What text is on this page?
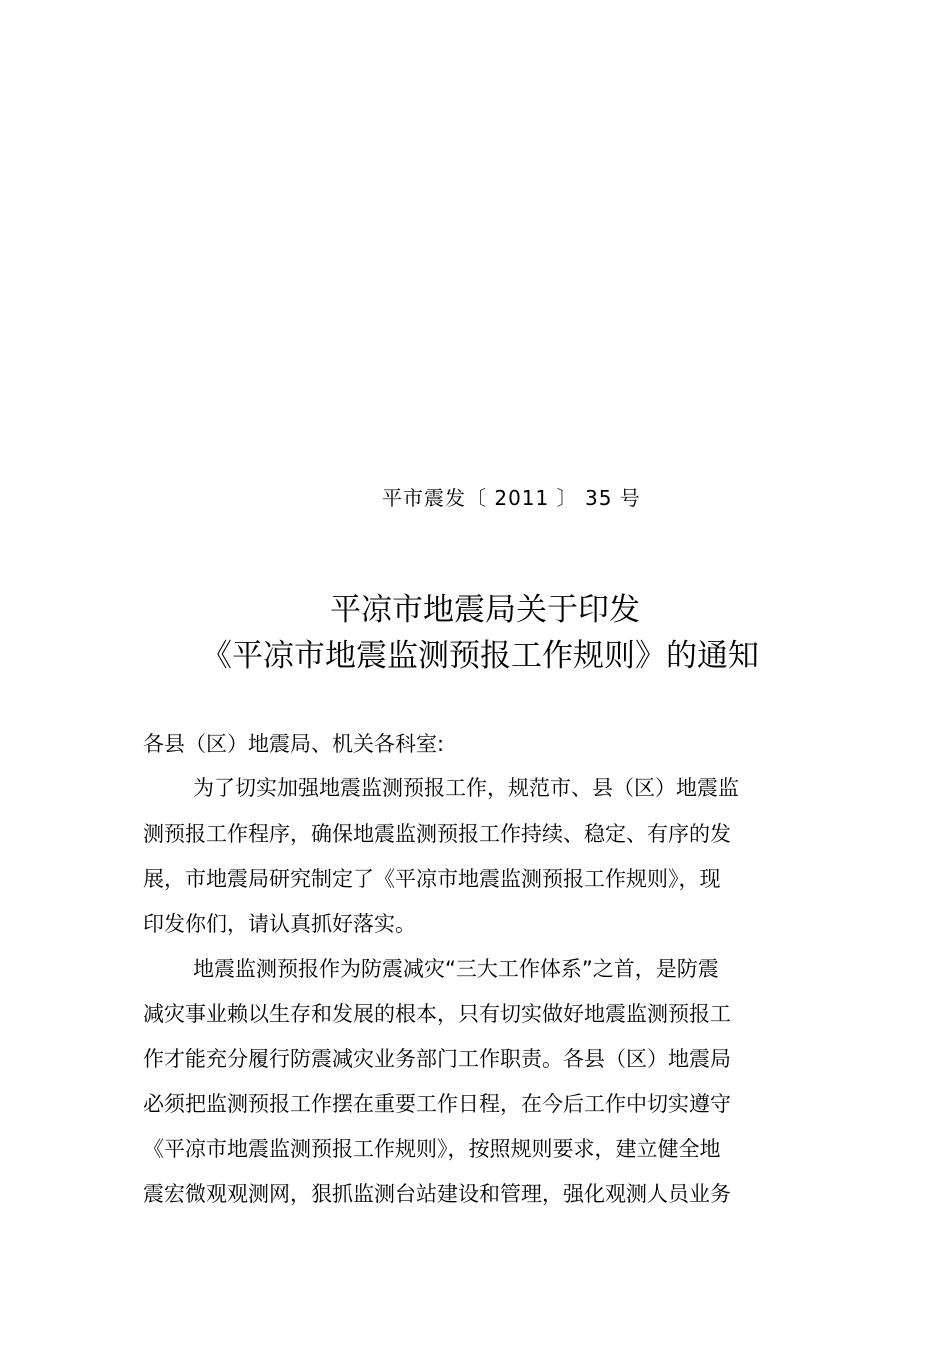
平市震发〔 2011 〕 35 号
平凉市地震局关于印发
《平凉市地震监测预报工作规则》的通知
各县（区）地震局、机关各科室:
为了切实加强地震监测预报工作，规范市、县（区）地震监
测预报工作程序，确保地震监测预报工作持续、稳定、有序的发
展，市地震局研究制定了《平凉市地震监测预报工作规则》，现
印发你们，请认真抓好落实。
地震监测预报作为防震减灾“三大工作体系”之首，是防震
减灾事业赖以生存和发展的根本，只有切实做好地震监测预报工
作才能充分履行防震减灾业务部门工作职责。各县（区）地震局
必须把监测预报工作摆在重要工作日程，在今后工作中切实遵守
《平凉市地震监测预报工作规则》，按照规则要求，建立健全地
震宏微观观测网，狠抓监测台站建设和管理，强化观测人员业务
